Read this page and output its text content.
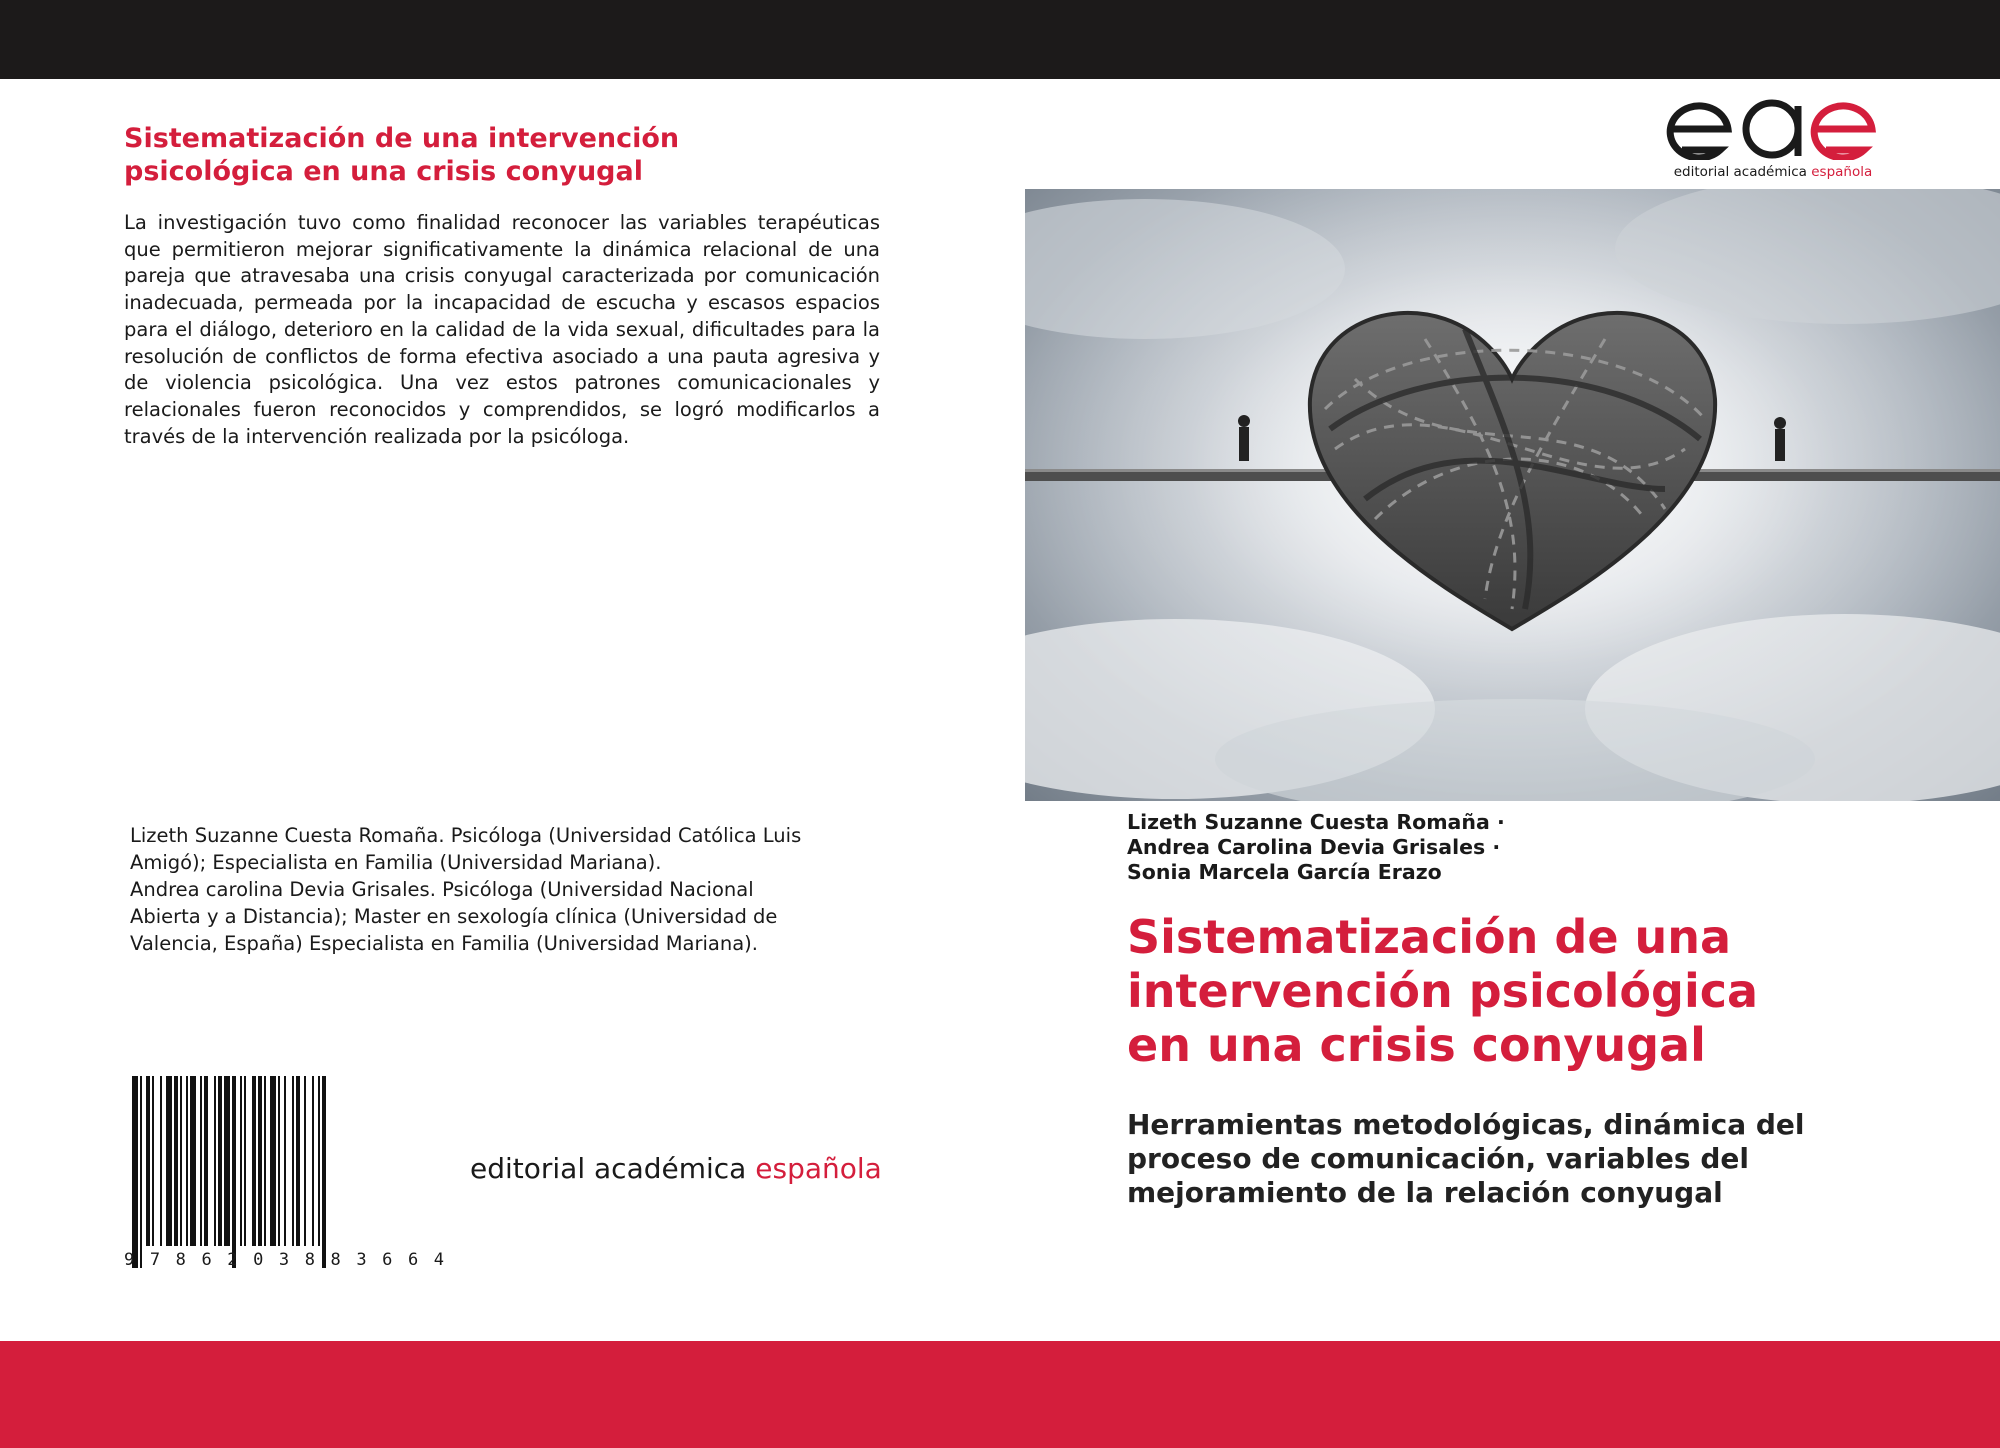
Sistematización de una intervención
psicológica en una crisis conyugal

La investigación tuvo como finalidad reconocer las variables terapéuticas que permitieron mejorar significativamente la dinámica relacional de una pareja que atravesaba una crisis conyugal caracterizada por comunicación inadecuada, permeada por la incapacidad de escucha y escasos espacios para el diálogo, deterioro en la calidad de la vida sexual, dificultades para la resolución de conflictos de forma efectiva asociado a una pauta agresiva y de violencia psicológica. Una vez estos patrones comunicacionales y relacionales fueron reconocidos y comprendidos, se logró modificarlos a través de la intervención realizada por la psicóloga.

Lizeth Suzanne Cuesta Romaña. Psicóloga (Universidad Católica Luis
Amigó); Especialista en Familia (Universidad Mariana).
Andrea carolina Devia Grisales. Psicóloga (Universidad Nacional
Abierta y a Distancia); Master en sexología clínica (Universidad de
Valencia, España) Especialista en Familia (Universidad Mariana).
9 7 8 6 2 0 3 8 8 3 6 6 4
editorial académica española
editorial académica española
Lizeth Suzanne Cuesta Romaña ·
Andrea Carolina Devia Grisales ·
Sonia Marcela García Erazo
Sistematización de una
intervención psicológica
en una crisis conyugal
Herramientas metodológicas, dinámica del
proceso de comunicación, variables del
mejoramiento de la relación conyugal
